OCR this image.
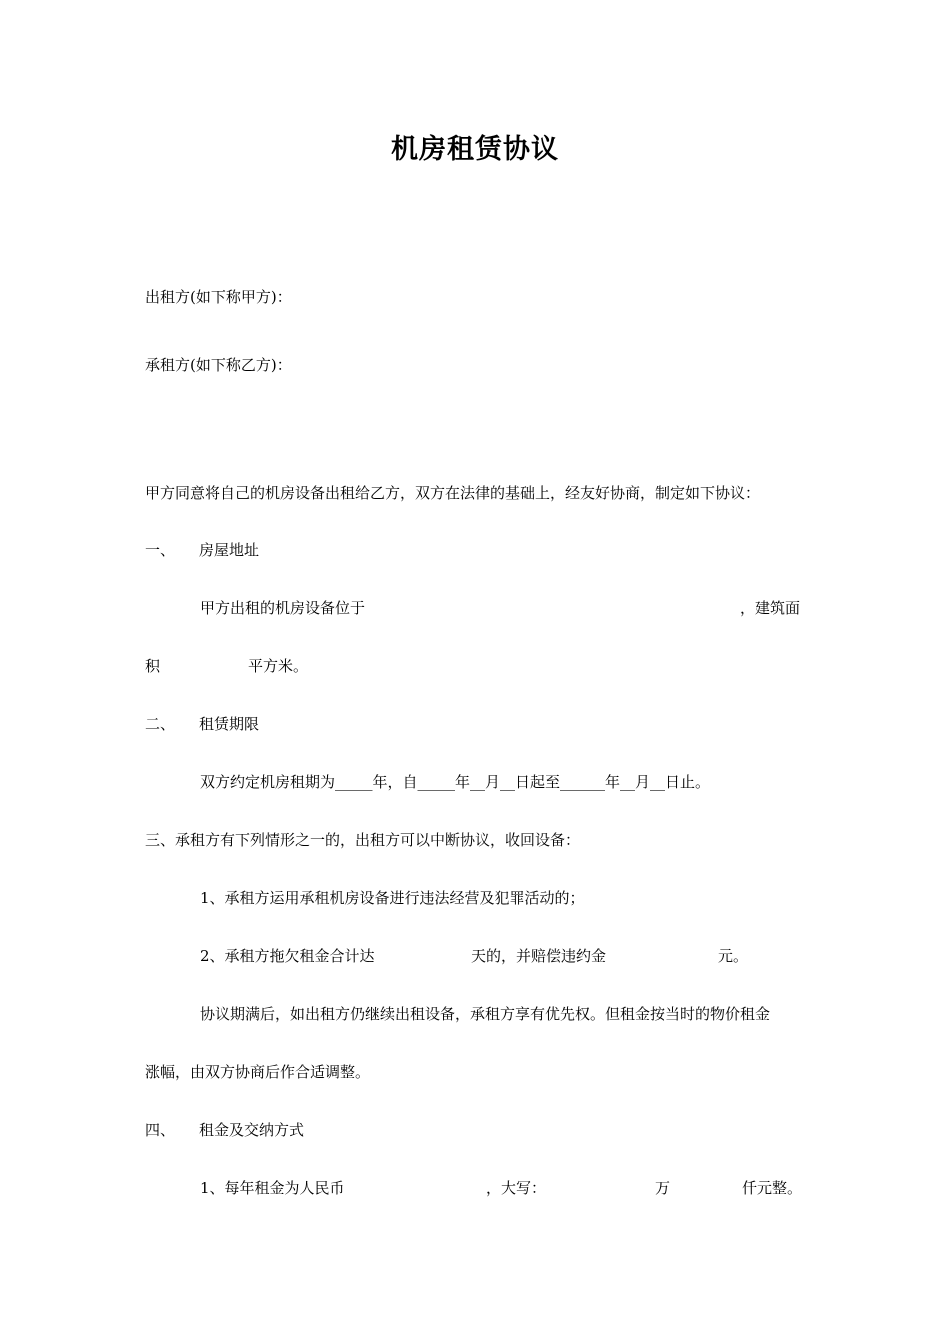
机房租赁协议
出租方(如下称甲方)：
承租方(如下称乙方)：
甲方同意将自己的机房设备出租给乙方，双方在法律的基础上，经友好协商，制定如下协议：
一、 房屋地址
甲方出租的机房设备位于	，建筑面
积	平方米。
二、 租赁期限
双方约定机房租期为_____年，自_____年__月__日起至______年__月__日止。
三、承租方有下列情形之一的，出租方可以中断协议，收回设备：
1、承租方运用承租机房设备进行违法经营及犯罪活动的；
2、承租方拖欠租金合计达	天的，并赔偿违约金	元。
协议期满后，如出租方仍继续出租设备，承租方享有优先权。但租金按当时的物价租金
涨幅，由双方协商后作合适调整。
四、 租金及交纳方式
1、每年租金为人民币	，大写：	万	仟元整。
